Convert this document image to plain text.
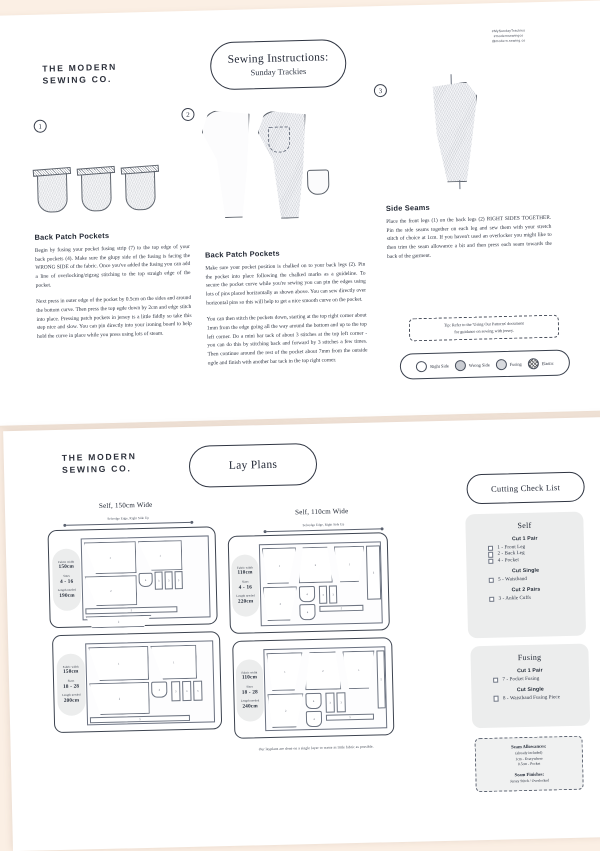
THE MODERN
SEWING CO.
#MySundayTrackies
#modernsewingco
@modern.sewing.co
Sewing Instructions:
Sunday Trackies
1
2
3
Back Patch Pockets

Begin by fusing your pocket fusing strip (7) to the top edge of your back pockets (4). Make sure the glupy side of the fusing is facing the WRONG SIDE of the fabric. Once you've added the fusing you can add a line of overlocking/zigzag stitching to the top straigh edge of the pocket.

Next press in outer edge of the pocket by 0.5cm on the sides and around the bottom curve. Then press the top egde down by 2cm and edge stitch into place. Pressing patch pockets in jersey is a little fiddly so take this step nice and slow. You can pin directly into your ironing board to help hold the curve in place while you press using lots of steam.

Back Patch Pockets

Make sure your pocket position is chalked on to your back legs (2). Pin the pocket into place following the chalked marks as a guideline. To secure the pocket curve while you're sewing you can pin the edges using lots of pins placed horizontally as shown above. You can sew directly over horizontal pins so this will help to get a nice smooth curve on the pocket.

You can then stitch the pockets down, starting at the top right corner about 1mm from the edge going all the way around the bottom and up to the top left corner. Do a mini bar tack of about 3 stitches at the top left corner - you can do this by stitching back and forward by 3 stitches a few times. Then continue around the rest of the pocket about 7mm from the outside ogde and finish with another bar tack in the top right corner.

Side Seams

Place the front legs (1) on the back legs (2) RIGHT SIDES TOGETHER. Pin the side seams together on each leg and sew them with your stretch stitch of choice at 1cm. If you haven't used an overlocker you might like to then trim the seam allowance a bit and then press each seam towards the back of the garment.

Tip: Refer to the 'Using Our Patterns' document
for guidance on sewing with jersey.
Right Side	Wrong Side	Fusing	Elastic
THE MODERN
SEWING CO.	Lay Plans
Cutting Check List
Self, 150cm Wide
Selvedge Edge, Right Side Up
Self, 110cm Wide
Selvedge Edge, Right Side Up
1
2
1
4	3	3	3
5
2
Fabric width
150cm
Sizes
4 - 16
Length needed
190cm
1	2	1
2
4
4
3	3
5
5
Fabric width
110cm
Sizes
4 - 16
Length needed
220cm
1
2
1
4
3	3	3
5
Fabric width
150cm
Sizes
18 - 28
Length needed
200cm
1	2	1
2
4
4
3	3
5
5
Fabric width
110cm
Sizes
18 - 28
Length needed
240cm
Our layplans are done on a single layer to waste as little fabric as possible.
Self
Cut 1 Pair
1 - Front Leg
2 - Back Leg
4 - Pocket
Cut Single
5 - Waistband
Cut 2 Pairs
3 - Ankle Cuffs
Fusing
Cut 1 Pair
7 - Pocket Fusing
Cut Single
8 - Waistband Fusing Piece
Seam Allowances:
(already included)
1cm - Everywhere
0.5cm - Pocket
Seam Finishes:
Jersey Stitch / Overlocked
